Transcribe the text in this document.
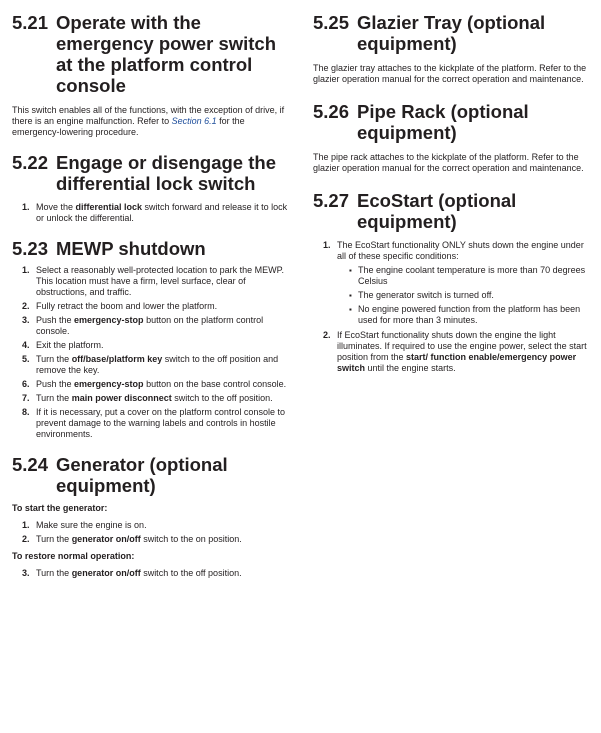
5.21 Operate with the emergency power switch at the platform control console

This switch enables all of the functions, with the exception of drive, if there is an engine malfunction. Refer to Section 6.1 for the emergency-lowering procedure.

5.22 Engage or disengage the differential lock switch
1. Move the differential lock switch forward and release it to lock or unlock the differential.
5.23 MEWP shutdown
1. Select a reasonably well-protected location to park the MEWP. This location must have a firm, level surface, clear of obstructions, and traffic.
2. Fully retract the boom and lower the platform.
3. Push the emergency-stop button on the platform control console.
4. Exit the platform.
5. Turn the off/base/platform key switch to the off position and remove the key.
6. Push the emergency-stop button on the base control console.
7. Turn the main power disconnect switch to the off position.
8. If it is necessary, put a cover on the platform control console to prevent damage to the warning labels and controls in hostile environments.
5.24 Generator (optional equipment)

To start the generator:

1. Make sure the engine is on.
2. Turn the generator on/off switch to the on position.

To restore normal operation:

3. Turn the generator on/off switch to the off position.
5.25 Glazier Tray (optional equipment)

The glazier tray attaches to the kickplate of the platform. Refer to the glazier operation manual for the correct operation and maintenance.

5.26 Pipe Rack (optional equipment)

The pipe rack attaches to the kickplate of the platform. Refer to the glazier operation manual for the correct operation and maintenance.

5.27 EcoStart (optional equipment)
1. The EcoStart functionality ONLY shuts down the engine under all of these specific conditions:
▪ The engine coolant temperature is more than 70 degrees Celsius
▪ The generator switch is turned off.
▪ No engine powered function from the platform has been used for more than 3 minutes.
2. If EcoStart functionality shuts down the engine the light illuminates. If required to use the engine power, select the start position from the start/ function enable/emergency power switch until the engine starts.
